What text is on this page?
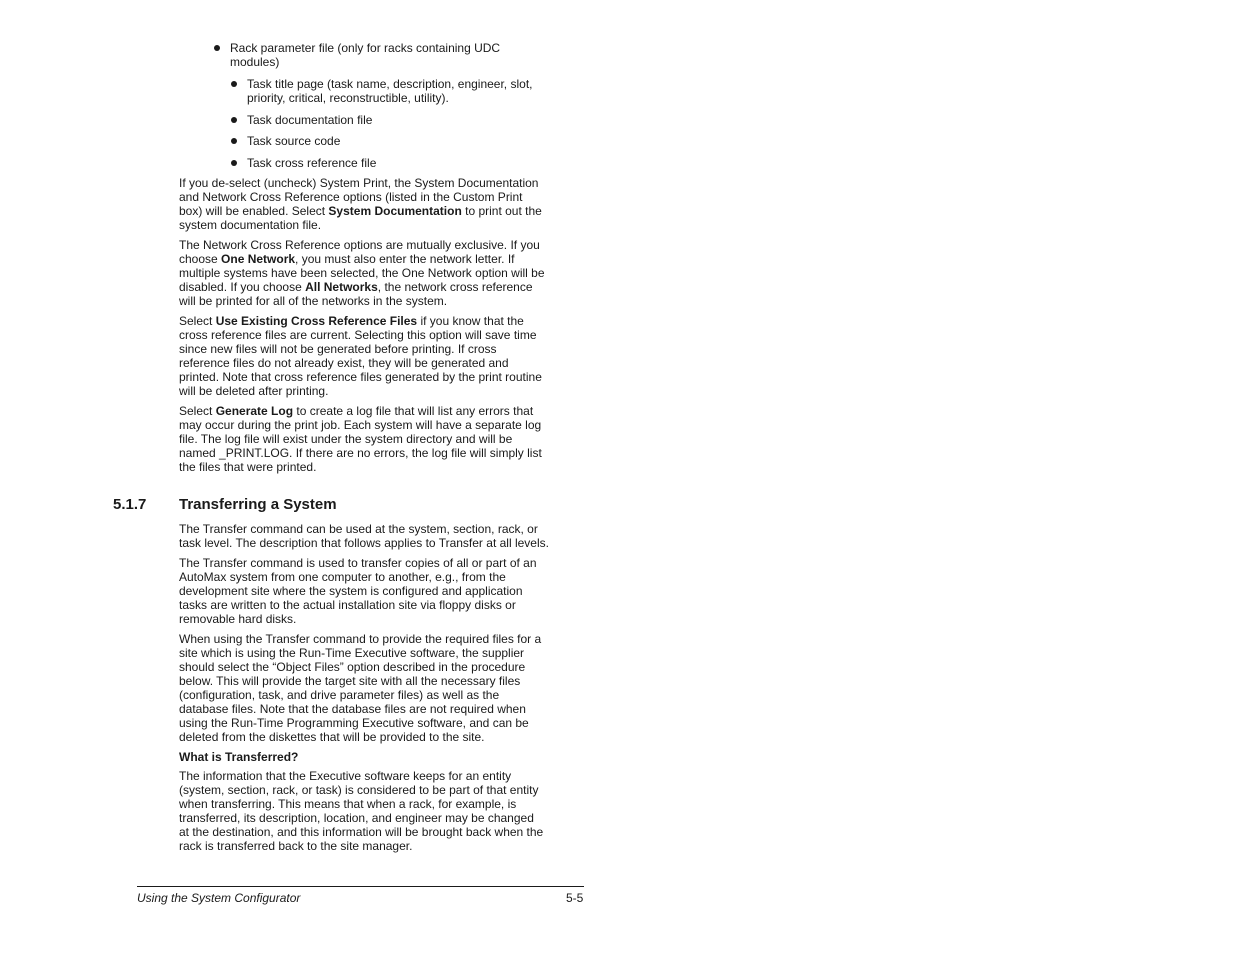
Rack parameter file (only for racks containing UDC
modules)
Task title page (task name, description, engineer, slot,
priority, critical, reconstructible, utility).
Task documentation file
Task source code
Task cross reference file
If you de-select (uncheck) System Print, the System Documentation
and Network Cross Reference options (listed in the Custom Print
box) will be enabled. Select System Documentation to print out the
system documentation file.
The Network Cross Reference options are mutually exclusive. If you
choose One Network, you must also enter the network letter. If
multiple systems have been selected, the One Network option will be
disabled. If you choose All Networks, the network cross reference
will be printed for all of the networks in the system.
Select Use Existing Cross Reference Files if you know that the
cross reference files are current. Selecting this option will save time
since new files will not be generated before printing. If cross
reference files do not already exist, they will be generated and
printed. Note that cross reference files generated by the print routine
will be deleted after printing.
Select Generate Log to create a log file that will list any errors that
may occur during the print job. Each system will have a separate log
file. The log file will exist under the system directory and will be
named _PRINT.LOG. If there are no errors, the log file will simply list
the files that were printed.
5.1.7 Transferring a System
The Transfer command can be used at the system, section, rack, or
task level. The description that follows applies to Transfer at all levels.
The Transfer command is used to transfer copies of all or part of an
AutoMax system from one computer to another, e.g., from the
development site where the system is configured and application
tasks are written to the actual installation site via floppy disks or
removable hard disks.
When using the Transfer command to provide the required files for a
site which is using the Run-Time Executive software, the supplier
should select the “Object Files” option described in the procedure
below. This will provide the target site with all the necessary files
(configuration, task, and drive parameter files) as well as the
database files. Note that the database files are not required when
using the Run-Time Programming Executive software, and can be
deleted from the diskettes that will be provided to the site.
What is Transferred?
The information that the Executive software keeps for an entity
(system, section, rack, or task) is considered to be part of that entity
when transferring. This means that when a rack, for example, is
transferred, its description, location, and engineer may be changed
at the destination, and this information will be brought back when the
rack is transferred back to the site manager.
Using the System Configurator	5-5
